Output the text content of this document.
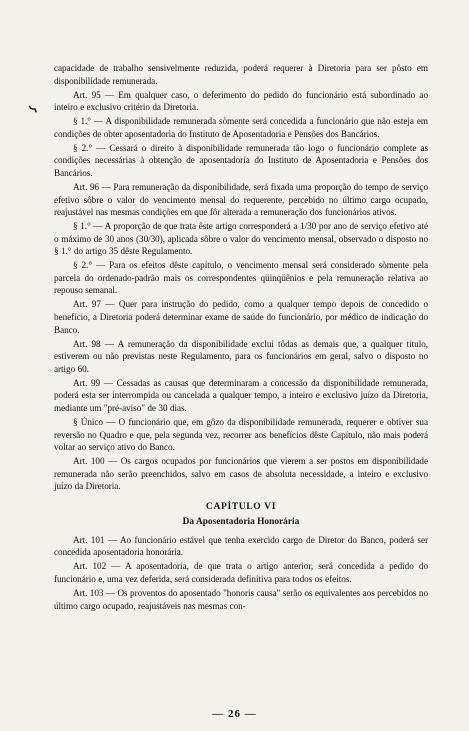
ᓭ

capacidade de trabalho sensivelmente reduzida, poderá requerer à Diretoria para ser pôsto em disponibilidade remunerada.

Art. 95 — Em qualquer caso, o deferimento do pedido do funcionário está subordinado ao inteiro e exclusivo critério da Diretoria.

§ 1.° — A disponibilidade remunerada sòmente será concedida a funcionário que não esteja em condições de obter aposentadoria do Instituto de Aposentadoria e Pensões dos Bancários.

§ 2.° — Cessará o direito à disponibilidade remunerada tão logo o funcionário complete as condições necessárias à obtenção de aposentadoria do Instituto de Aposentadoria e Pensões dos Bancários.

Art. 96 — Para remuneração da disponibilidade, será fixada uma proporção do tempo de serviço efetivo sôbre o valor do vencimento mensal do requerente, percebido no último cargo ocupado, reajustável nas mesmas condições em que fôr alterada a remuneração dos funcionários ativos.

§ 1.° — A proporção de que trata êste artigo corresponderá a 1/30 por ano de serviço efetivo até o máximo de 30 anos (30/30), aplicada sôbre o valor do vencimento mensal, observado o disposto no § 1.° do artigo 35 dêste Regulamento.

§ 2.° — Para os efeitos dêste capítulo, o vencimento mensal será considerado sòmente pela parcela do ordenado-padrão mais os correspondentes qüinqüênios e pela remuneração relativa ao repouso semanal.

Art. 97 — Quer para instrução do pedido, como a qualquer tempo depois de concedido o benefício, a Diretoria poderá determinar exame de saúde do funcionário, por médico de indicação do Banco.

Art. 98 — A remuneração da disponibilidade exclui tôdas as demais que, a qualquer título, estiverem ou não previstas neste Regulamento, para os funcionários em geral, salvo o disposto no artigo 60.

Art. 99 — Cessadas as causas que determinaram a concessão da disponibilidade remunerada, poderá esta ser interrompida ou cancelada a qualquer tempo, a inteiro e exclusivo juízo da Diretoria, mediante um "pré-aviso" de 30 dias.

§ Único — O funcionário que, em gôzo da disponibilidade remunerada, requerer e obtiver sua reversão no Quadro e que, pela segunda vez, recorrer aos benefícios dêste Capítulo, não mais poderá voltar ao serviço ativo do Banco.

Art. 100 — Os cargos ocupados por funcionários que vierem a ser postos em disponibilidade remunerada não serão preenchidos, salvo em casos de absoluta necessidade, a inteiro e exclusivo juízo da Diretoria.

CAPÍTULO VI
Da Aposentadoria Honorária

Art. 101 — Ao funcionário estável que tenha exercido cargo de Diretor do Banco, poderá ser concedida aposentadoria honorária.

Art. 102 — A aposentadoria, de que trata o artigo anterior, será concedida a pedido do funcionário e, uma vez deferida, será considerada definitiva para todos os efeitos.

Art. 103 — Os proventos do aposentado "honoris causa" serão os equivalentes aos percebidos no último cargo ocupado, reajustáveis nas mesmas con-

— 26 —
